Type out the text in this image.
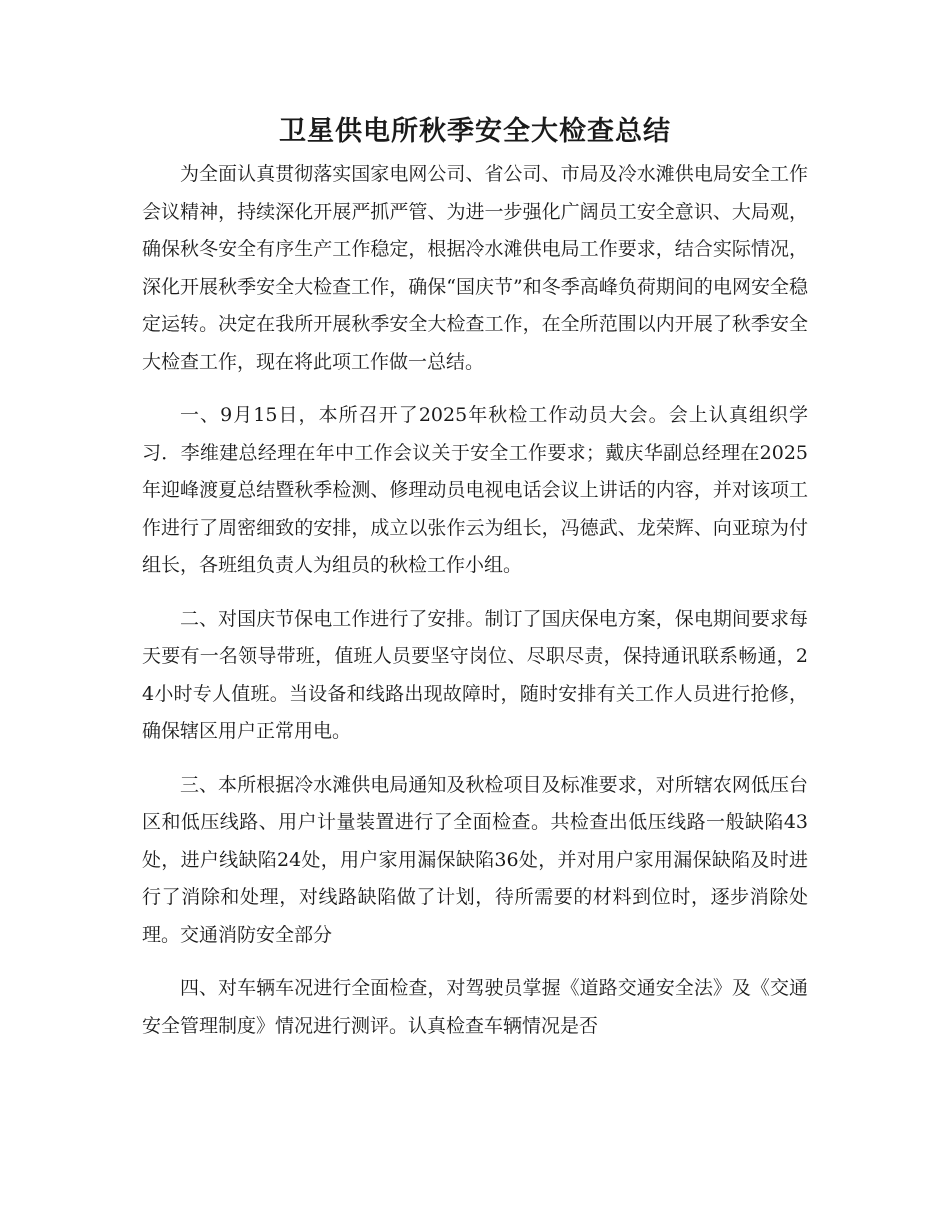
卫星供电所秋季安全大检查总结

为全面认真贯彻落实国家电网公司、省公司、市局及冷水滩供电局安全工作会议精神，持续深化开展严抓严管、为进一步强化广阔员工安全意识、大局观，确保秋冬安全有序生产工作稳定，根据冷水滩供电局工作要求，结合实际情况，深化开展秋季安全大检查工作，确保“国庆节”和冬季高峰负荷期间的电网安全稳定运转。决定在我所开展秋季安全大检查工作，在全所范围以内开展了秋季安全大检查工作，现在将此项工作做一总结。

一、9月15日，本所召开了2025年秋检工作动员大会。会上认真组织学习．李维建总经理在年中工作会议关于安全工作要求；戴庆华副总经理在2025年迎峰渡夏总结暨秋季检测、修理动员电视电话会议上讲话的内容，并对该项工作进行了周密细致的安排，成立以张作云为组长，冯德武、龙荣辉、向亚琼为付组长，各班组负责人为组员的秋检工作小组。

二、对国庆节保电工作进行了安排。制订了国庆保电方案，保电期间要求每天要有一名领导带班，值班人员要坚守岗位、尽职尽责，保持通讯联系畅通，24小时专人值班。当设备和线路出现故障时，随时安排有关工作人员进行抢修，确保辖区用户正常用电。

三、本所根据冷水滩供电局通知及秋检项目及标准要求，对所辖农网低压台区和低压线路、用户计量装置进行了全面检查。共检查出低压线路一般缺陷43处，进户线缺陷24处，用户家用漏保缺陷36处，并对用户家用漏保缺陷及时进行了消除和处理，对线路缺陷做了计划，待所需要的材料到位时，逐步消除处理。交通消防安全部分

四、对车辆车况进行全面检查，对驾驶员掌握《道路交通安全法》及《交通安全管理制度》情况进行测评。认真检查车辆情况是否
